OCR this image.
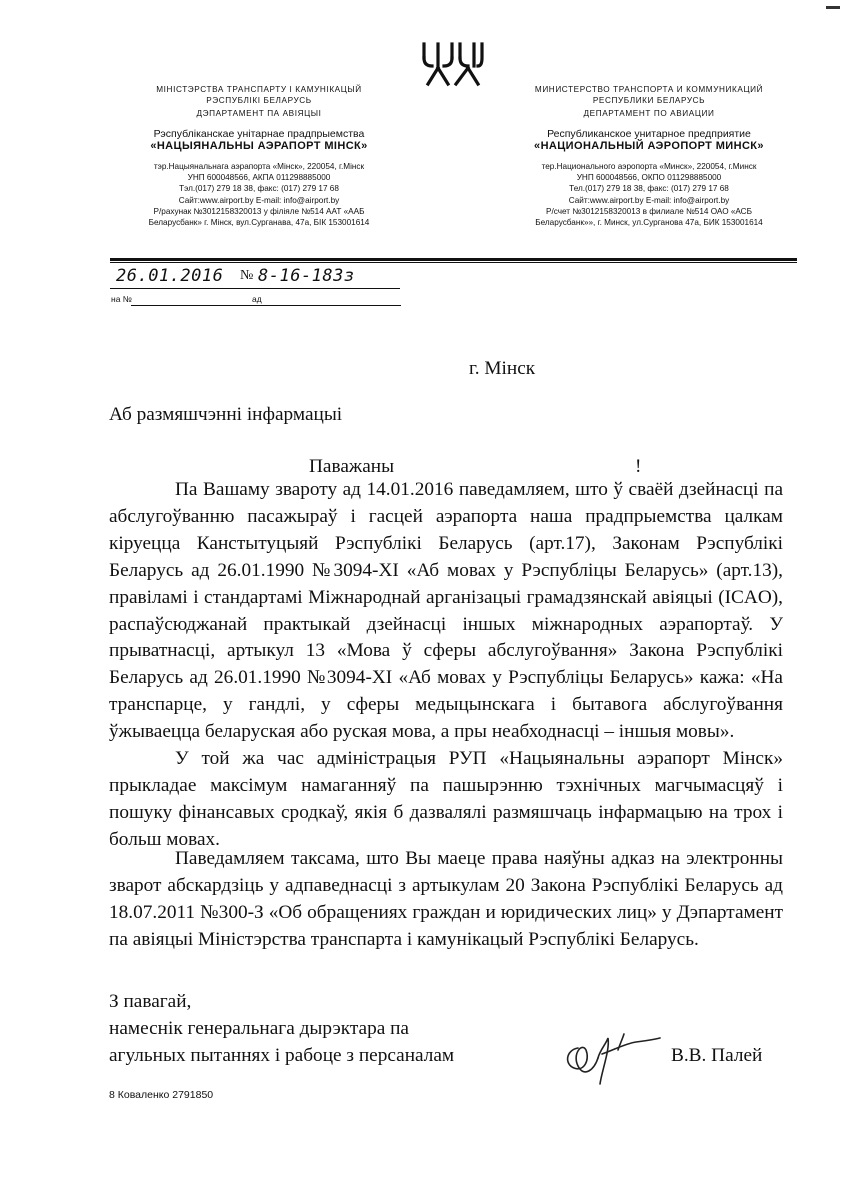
МІНІСТЭРСТВА ТРАНСПАРТУ І КАМУНІКАЦЫЙ
РЭСПУБЛІКІ БЕЛАРУСЬ
ДЭПАРТАМЕНТ ПА АВІЯЦЫІ
Рэспубліканскае унітарнае прадпрыемства
«НАЦЫЯНАЛЬНЫ АЭРАПОРТ МІНСК»
тэр.Нацыянальнага аэрапорта «Мінск», 220054, г.Мінск
УНП 600048566, АКПА 011298885000
Тэл.(017) 279 18 38, факс: (017) 279 17 68
Сайт:www.airport.by E-mail: info@airport.by
Р/рахунак №3012158320013 у філіяле №514 ААТ «ААБ
Беларусбанк» г. Мінск, вул.Сурганава, 47а, БІК 153001614
МИНИСТЕРСТВО ТРАНСПОРТА И КОММУНИКАЦИЙ
РЕСПУБЛИКИ БЕЛАРУСЬ
ДЕПАРТАМЕНТ ПО АВИАЦИИ
Республиканское унитарное предприятие
«НАЦИОНАЛЬНЫЙ АЭРОПОРТ МИНСК»
тер.Национального аэропорта «Минск», 220054, г.Минск
УНП 600048566, ОКПО 011298885000
Тел.(017) 279 18 38, факс: (017) 279 17 68
Сайт:www.airport.by E-mail: info@airport.by
Р/счет №3012158320013 в филиале №514 ОАО «АСБ
Беларусбанк»», г. Минск, ул.Сурганова 47а, БИК 153001614
26.01.2016 № 8-16-183з
на №	ад
г. Мінск
Аб размяшчэнні інфармацыі
Паважаны	!
Па Вашаму звароту ад 14.01.2016 паведамляем, што ў сваёй дзейнасці па абслугоўванню пасажыраў і гасцей аэрапорта наша прадпрыемства цалкам кіруецца Канстытуцыяй Рэспублікі Беларусь (арт.17), Законам Рэспублікі Беларусь ад 26.01.1990 №3094-XI «Аб мовах у Рэспубліцы Беларусь» (арт.13), правіламі і стандартамі Міжнароднай арганізацыі грамадзянскай авіяцыі (ICAO), распаўсюджанай практыкай дзейнасці іншых міжнародных аэрапортаў. У прыватнасці, артыкул 13 «Мова ў сферы абслугоўвання» Закона Рэспублікі Беларусь ад 26.01.1990 №3094-XI «Аб мовах у Рэспубліцы Беларусь» кажа: «На транспарце, у гандлі, у сферы медыцынскага і бытавога абслугоўвання ўжываецца беларуская або руская мова, а пры неабходнасці – іншыя мовы».
У той жа час адміністрацыя РУП «Нацыянальны аэрапорт Мінск» прыкладае максімум намаганняў па пашырэнню тэхнічных магчымасцяў і пошуку фінансавых сродкаў, якія б дазвалялі размяшчаць інфармацыю на трох і больш мовах.
Паведамляем таксама, што Вы маеце права наяўны адказ на электронны зварот абскардзіць у адпаведнасці з артыкулам 20 Закона Рэспублікі Беларусь ад 18.07.2011 №300-З «Об обращениях граждан и юридических лиц» у Дэпартамент па авіяцыі Міністэрства транспарта і камунікацый Рэспублікі Беларусь.
З павагай,
намеснік генеральнага дырэктара па
агульных пытаннях і рабоце з персаналам	В.В. Палей
8 Коваленко 2791850
